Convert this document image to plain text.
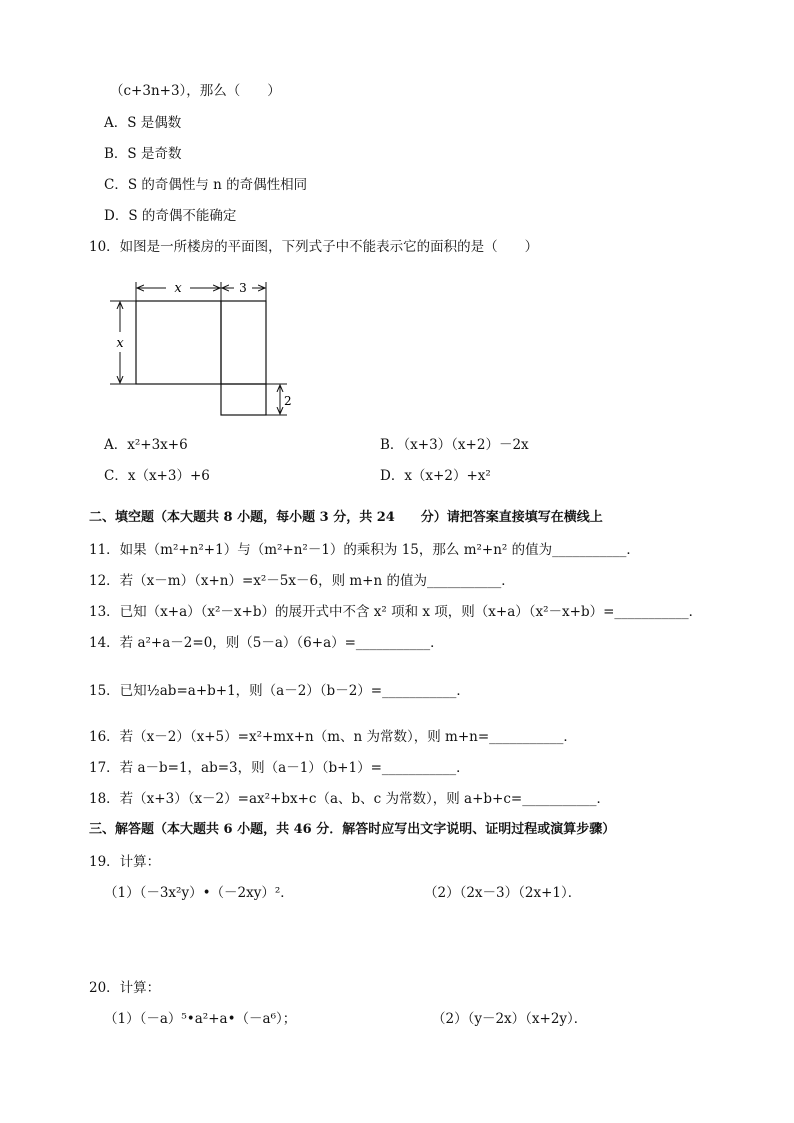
（c+3n+3），那么（　　）
A．S 是偶数
B．S 是奇数
C．S 的奇偶性与 n 的奇偶性相同
D．S 的奇偶不能确定
10．如图是一所楼房的平面图，下列式子中不能表示它的面积的是（　　）
x	3
x
2
A．x²+3x+6	B．（x+3）（x+2）－2x
C．x（x+3）+6	D．x（x+2）+x²
二、填空题（本大题共 8 小题，每小题 3 分，共 24　　分）请把答案直接填写在横线上
11．如果（m²+n²+1）与（m²+n²－1）的乘积为 15，那么 m²+n² 的值为___________．
12．若（x－m）（x+n）=x²－5x－6，则 m+n 的值为___________．
13．已知（x+a）（x²－x+b）的展开式中不含 x² 项和 x 项，则（x+a）（x²－x+b）=___________．
14．若 a²+a－2=0，则（5－a）（6+a）=___________．
15．已知½ab=a+b+1，则（a－2）（b－2）=___________．
16．若（x－2）（x+5）=x²+mx+n（m、n 为常数），则 m+n=___________．
17．若 a－b=1，ab=3，则（a－1）（b+1）=___________．
18．若（x+3）（x－2）=ax²+bx+c（a、b、c 为常数），则 a+b+c=___________．
三、解答题（本大题共 6 小题，共 46 分．解答时应写出文字说明、证明过程或演算步骤）
19．计算：
（1）（－3x²y）•（－2xy）²．	（2）（2x－3）（2x+1）．
20．计算：
（1）（－a）⁵•a²+a•（－a⁶）；	（2）（y－2x）（x+2y）．
